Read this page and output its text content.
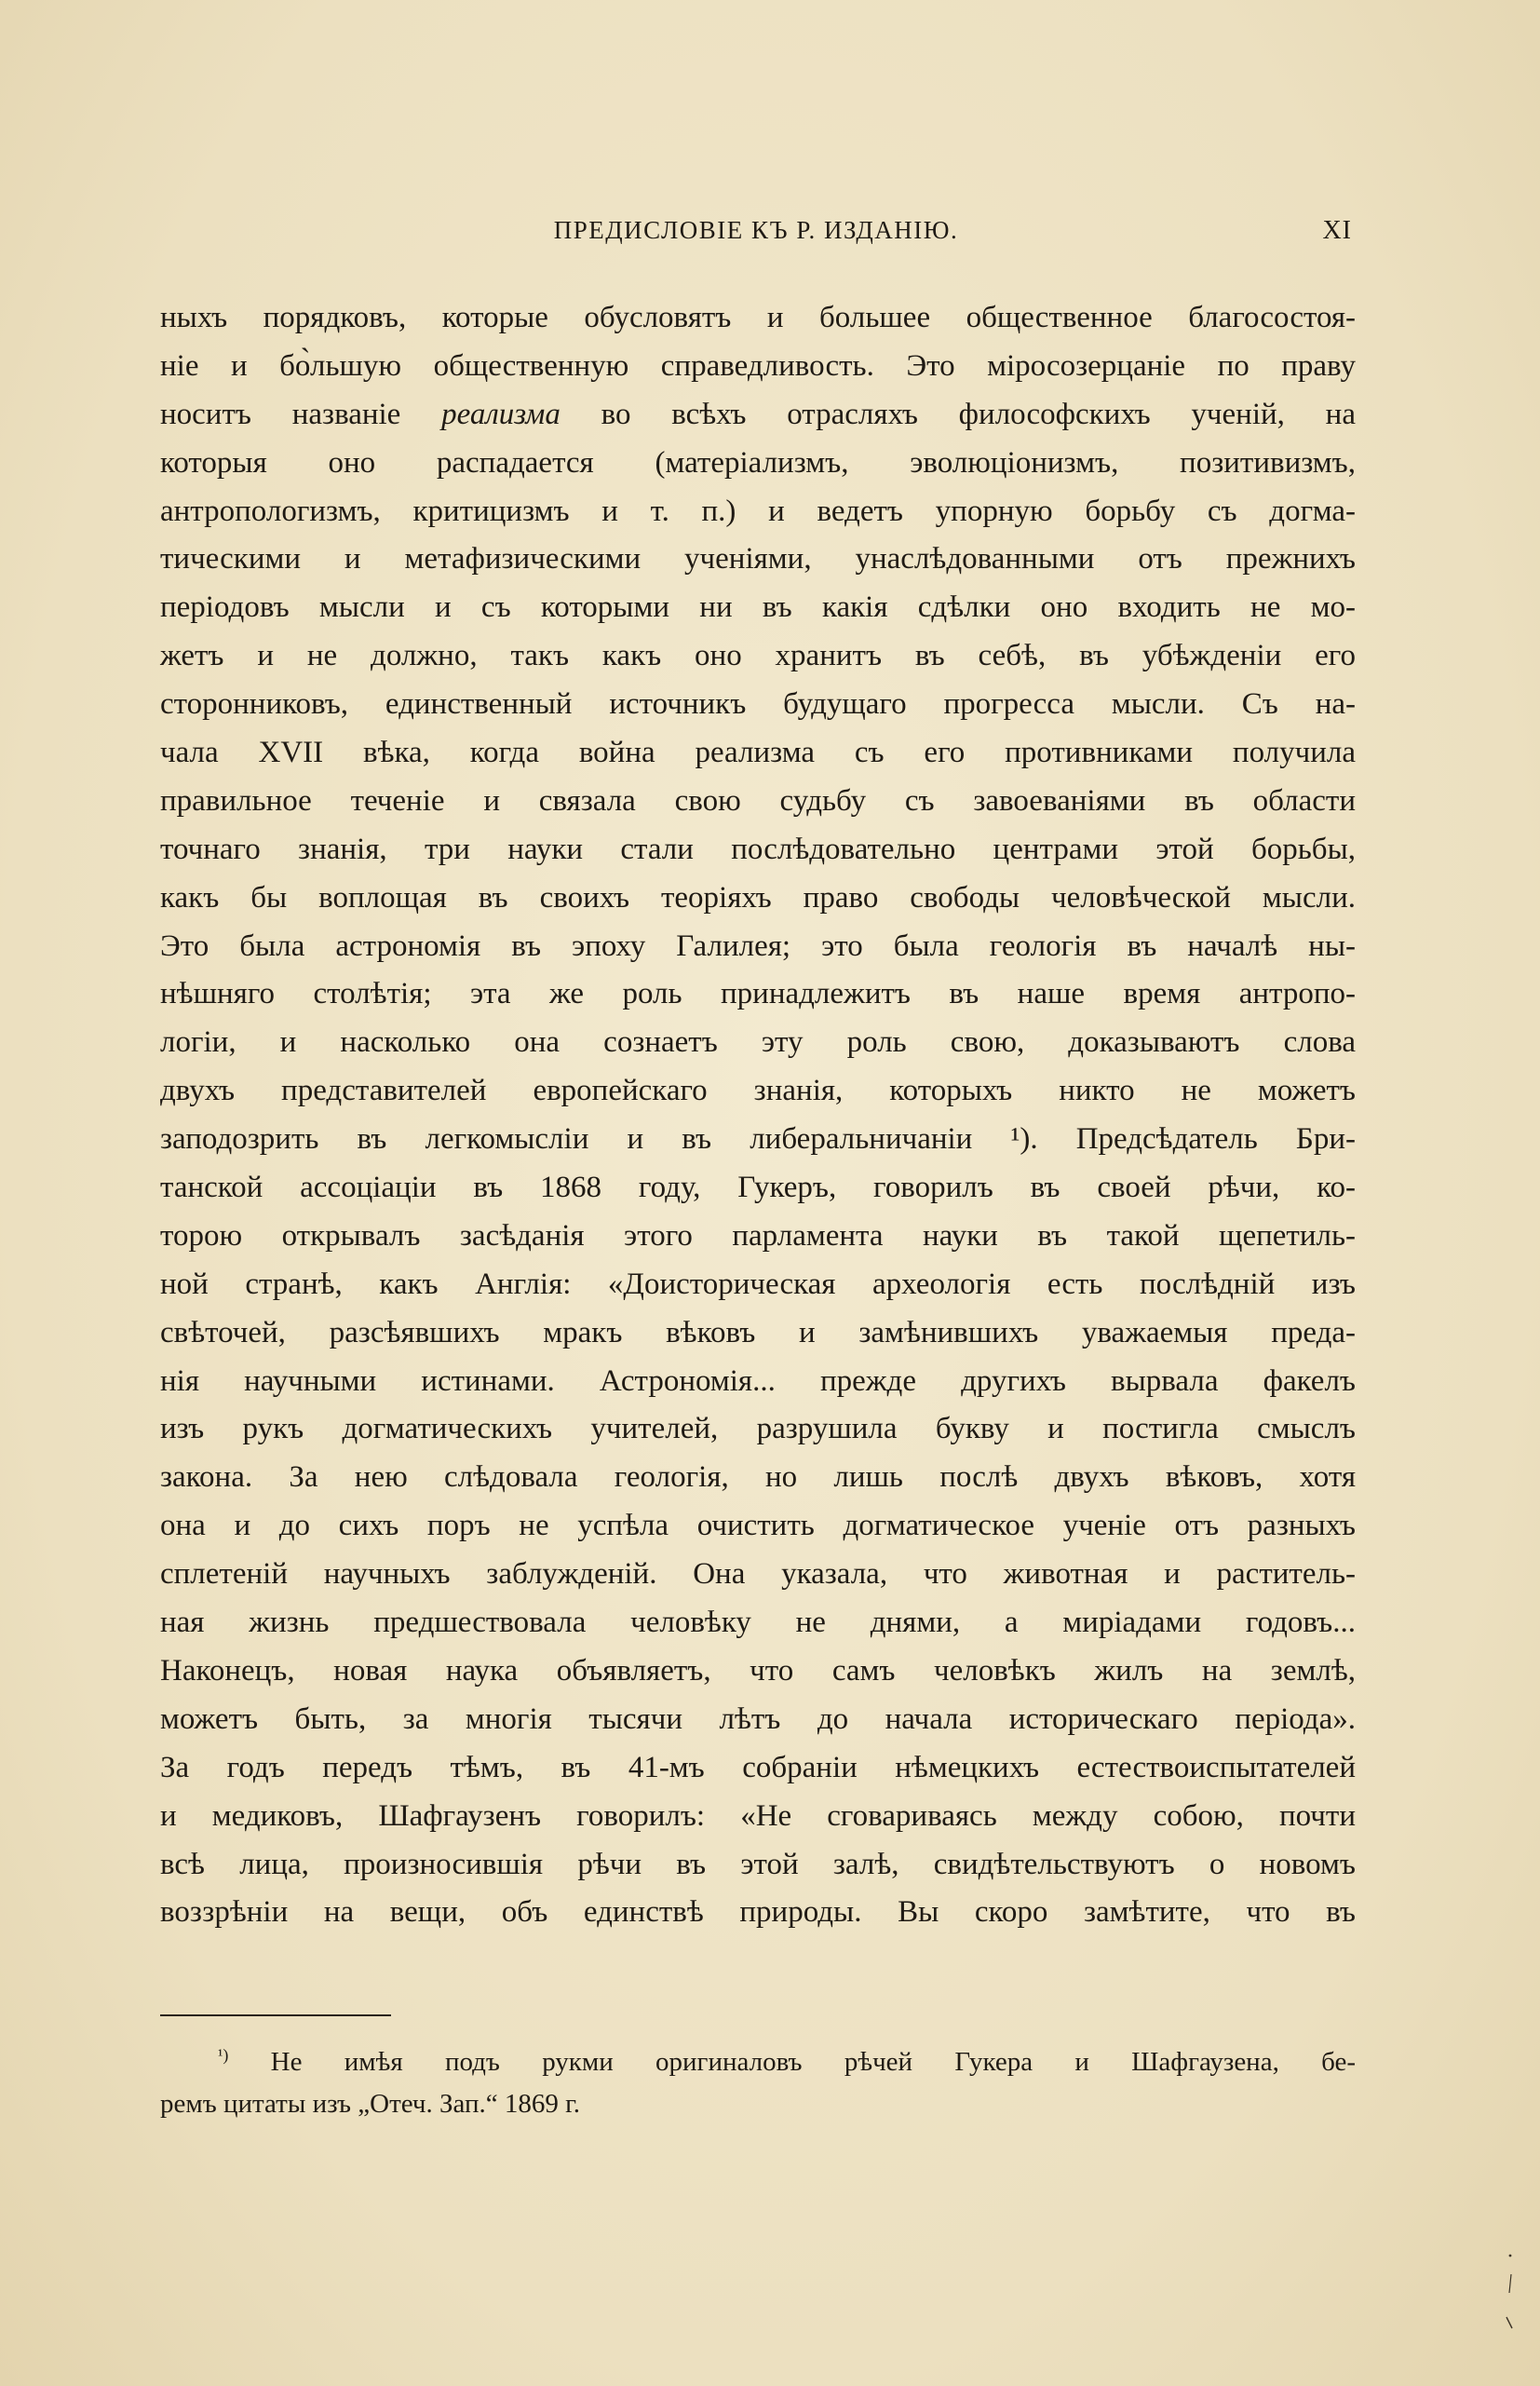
ПРЕДИСЛОВІЕ КЪ Р. ИЗДАНІЮ.	XI
ныхъ порядковъ, которые обусловятъ и большее общественное благосостоя-
ніе и бо̀льшую общественную справедливость. Это міросозерцаніе по праву
ноcитъ названіе реализма во всѣхъ отрасляхъ философскихъ ученій, на
которыя оно распадается (матеріализмъ, эволюціонизмъ, позитивизмъ,
антропологизмъ, критицизмъ и т. п.) и ведетъ упорную борьбу съ догма-
тическими и метафизическими ученіями, унаслѣдованными отъ прежнихъ
періодовъ мысли и съ которыми ни въ какія сдѣлки оно входить не мо-
жетъ и не должно, такъ какъ оно хранитъ въ себѣ, въ убѣжденіи его
сторонниковъ, единственный источникъ будущаго прогресса мысли. Съ на-
чала XVII вѣка, когда война реализма съ его противниками получила
правильное теченіе и связала свою судьбу съ завоеваніями въ области
точнаго знанія, три науки стали послѣдовательно центрами этой борьбы,
какъ бы воплощая въ своихъ теоріяхъ право свободы человѣческой мысли.
Это была астрономія въ эпоху Галилея; это была геологія въ началѣ ны-
нѣшняго столѣтія; эта же роль принадлежитъ въ наше время антропо-
логіи, и насколько она сознаетъ эту роль свою, доказываютъ слова
двухъ представителей европейскаго знанія, которыхъ никто не можетъ
заподозрить въ легкомысліи и въ либеральничаніи ¹). Предсѣдатель Бри-
танской ассоціаціи въ 1868 году, Гукеръ, говорилъ въ своей рѣчи, ко-
торою открывалъ засѣданія этого парламента науки въ такой щепетиль-
ной странѣ, какъ Англія: «Доисторическая археологія есть послѣдній изъ
свѣточей, разсѣявшихъ мракъ вѣковъ и замѣнившихъ уважаемыя преда-
нія научными истинами. Астрономія... прежде другихъ вырвала факелъ
изъ рукъ догматическихъ учителей, разрушила букву и постигла смыслъ
закона. За нею слѣдовала геологія, но лишь послѣ двухъ вѣковъ, хотя
она и до сихъ поръ не успѣла очистить догматическое ученіе отъ разныхъ
сплетеній научныхъ заблужденій. Она указала, что животная и раститель-
ная жизнь предшествовала человѣку не днями, а миріадами годовъ...
Наконецъ, новая наука объявляетъ, что самъ человѣкъ жилъ на землѣ,
можетъ быть, за многія тысячи лѣтъ до начала историческаго періода».
За годъ передъ тѣмъ, въ 41-мъ собраніи нѣмецкихъ естествоиспытателей
и медиковъ, Шафгаузенъ говорилъ: «Не сговариваясь между собою, почти
всѣ лица, произносившія рѣчи въ этой залѣ, свидѣтельствуютъ о новомъ
воззрѣніи на вещи, объ единствѣ природы. Вы скоро замѣтите, что въ
$^{^1)}$ Не имѣя подъ рукми оригиналовъ рѣчей Гукера и Шафгаузена, бе-
ремъ цитаты изъ „Отеч. Зап.“ 1869 г.
